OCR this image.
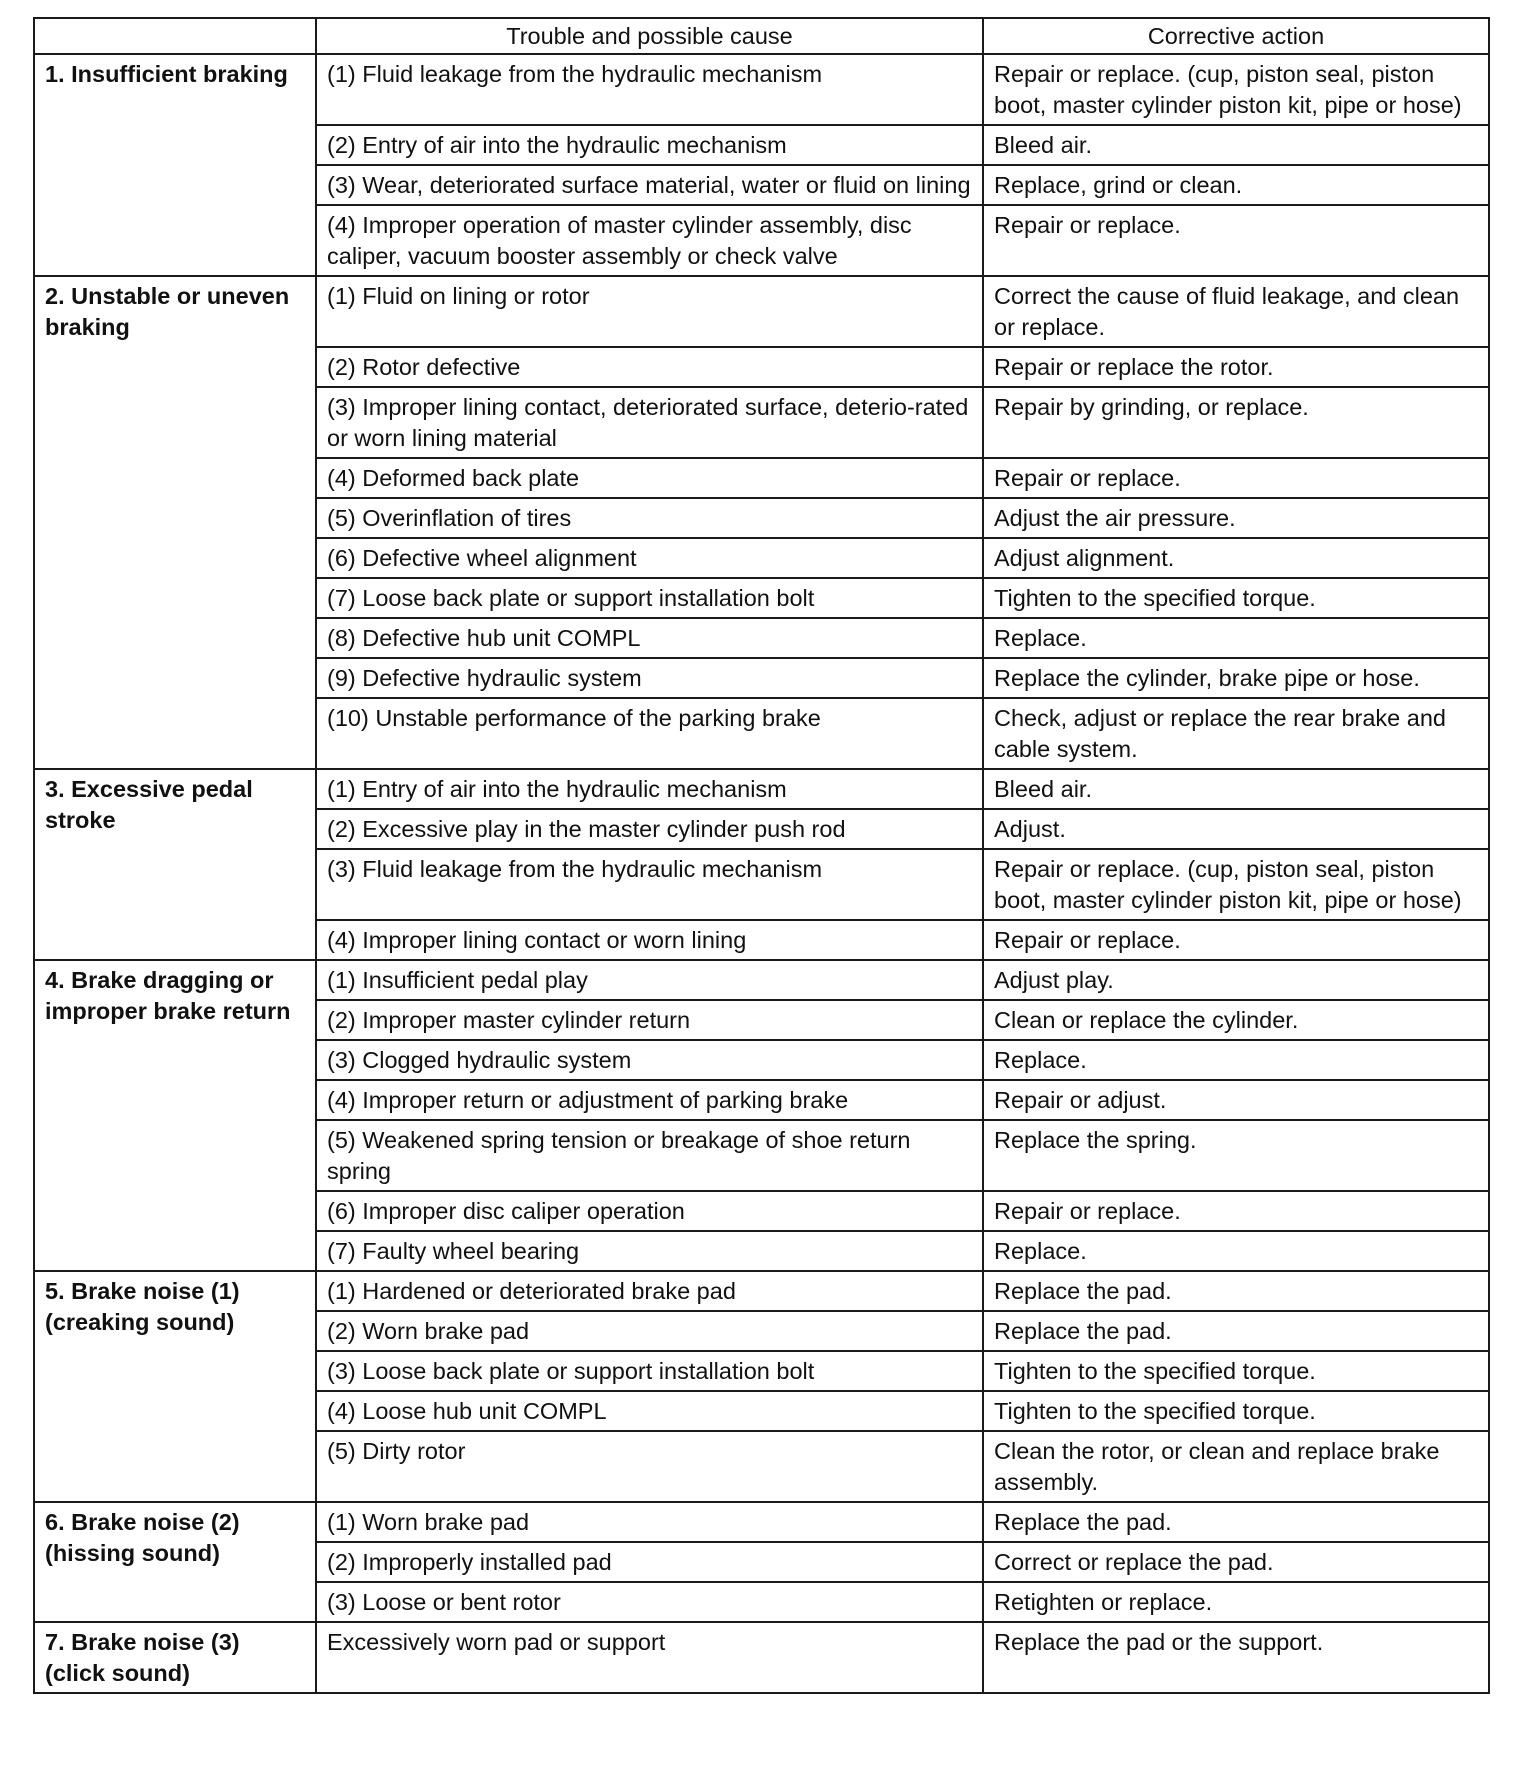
	Trouble and possible cause	Corrective action
1. Insufficient braking	(1) Fluid leakage from the hydraulic mechanism	Repair or replace. (cup, piston seal, piston boot, master cylinder piston kit, pipe or hose)
	(2) Entry of air into the hydraulic mechanism	Bleed air.
	(3) Wear, deteriorated surface material, water or fluid on lining	Replace, grind or clean.
	(4) Improper operation of master cylinder assembly, disc caliper, vacuum booster assembly or check valve	Repair or replace.
2. Unstable or uneven braking	(1) Fluid on lining or rotor	Correct the cause of fluid leakage, and clean or replace.
	(2) Rotor defective	Repair or replace the rotor.
	(3) Improper lining contact, deteriorated surface, deterio-rated or worn lining material	Repair by grinding, or replace.
	(4) Deformed back plate	Repair or replace.
	(5) Overinflation of tires	Adjust the air pressure.
	(6) Defective wheel alignment	Adjust alignment.
	(7) Loose back plate or support installation bolt	Tighten to the specified torque.
	(8) Defective hub unit COMPL	Replace.
	(9) Defective hydraulic system	Replace the cylinder, brake pipe or hose.
	(10) Unstable performance of the parking brake	Check, adjust or replace the rear brake and cable system.
3. Excessive pedal stroke	(1) Entry of air into the hydraulic mechanism	Bleed air.
	(2) Excessive play in the master cylinder push rod	Adjust.
	(3) Fluid leakage from the hydraulic mechanism	Repair or replace. (cup, piston seal, piston boot, master cylinder piston kit, pipe or hose)
	(4) Improper lining contact or worn lining	Repair or replace.
4. Brake dragging or improper brake return	(1) Insufficient pedal play	Adjust play.
	(2) Improper master cylinder return	Clean or replace the cylinder.
	(3) Clogged hydraulic system	Replace.
	(4) Improper return or adjustment of parking brake	Repair or adjust.
	(5) Weakened spring tension or breakage of shoe return spring	Replace the spring.
	(6) Improper disc caliper operation	Repair or replace.
	(7) Faulty wheel bearing	Replace.
5. Brake noise (1) (creaking sound)	(1) Hardened or deteriorated brake pad	Replace the pad.
	(2) Worn brake pad	Replace the pad.
	(3) Loose back plate or support installation bolt	Tighten to the specified torque.
	(4) Loose hub unit COMPL	Tighten to the specified torque.
	(5) Dirty rotor	Clean the rotor, or clean and replace brake assembly.
6. Brake noise (2) (hissing sound)	(1) Worn brake pad	Replace the pad.
	(2) Improperly installed pad	Correct or replace the pad.
	(3) Loose or bent rotor	Retighten or replace.
7. Brake noise (3) (click sound)	Excessively worn pad or support	Replace the pad or the support.
